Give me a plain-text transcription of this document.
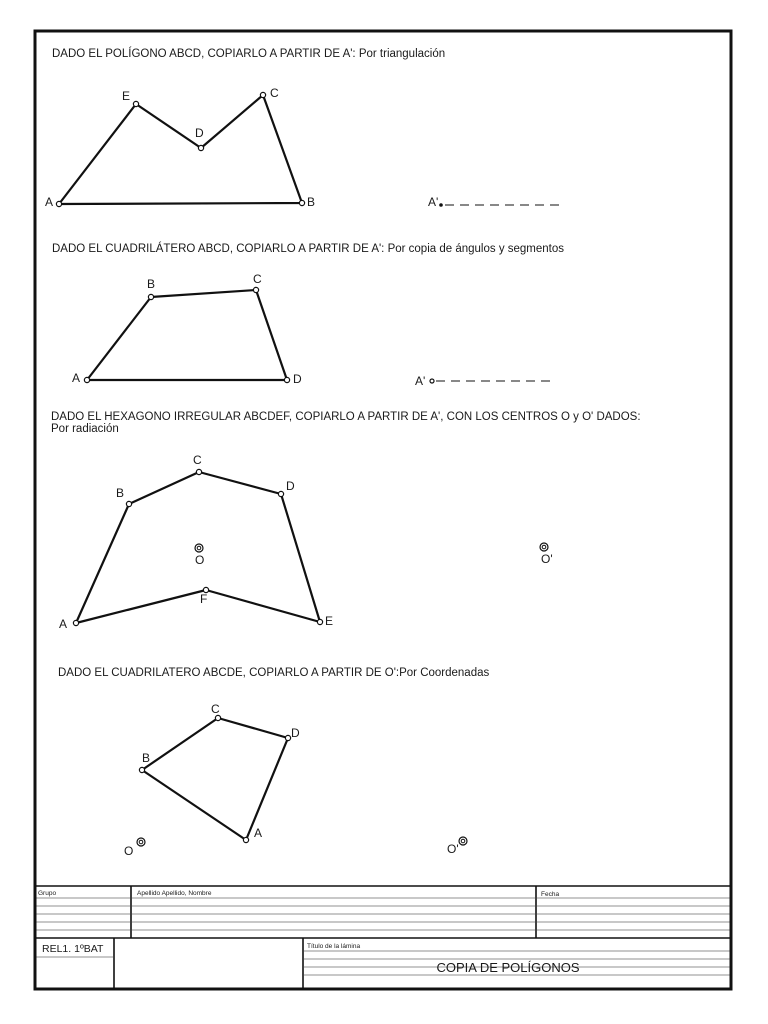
DADO EL POLÍGONO ABCD, COPIARLO A PARTIR DE A': Por triangulación
A	B
C
D
E
A'
DADO EL CUADRILÁTERO ABCD, COPIARLO A PARTIR DE A': Por copia de ángulos y segmentos
A
B	C
D	A'
DADO EL HEXAGONO IRREGULAR ABCDEF, COPIARLO A PARTIR DE A', CON LOS CENTROS O y O' DADOS:
Por radiación
A
B
C
D
E
F
O	O'
DADO EL CUADRILATERO ABCDE, COPIARLO A PARTIR DE O':Por Coordenadas
A
B
C
D
O	O'
Grupo	Apellido Apellido, Nombre	Fecha
REL1. 1ºBAT	Título de la lámina
COPIA DE POLÍGONOS
